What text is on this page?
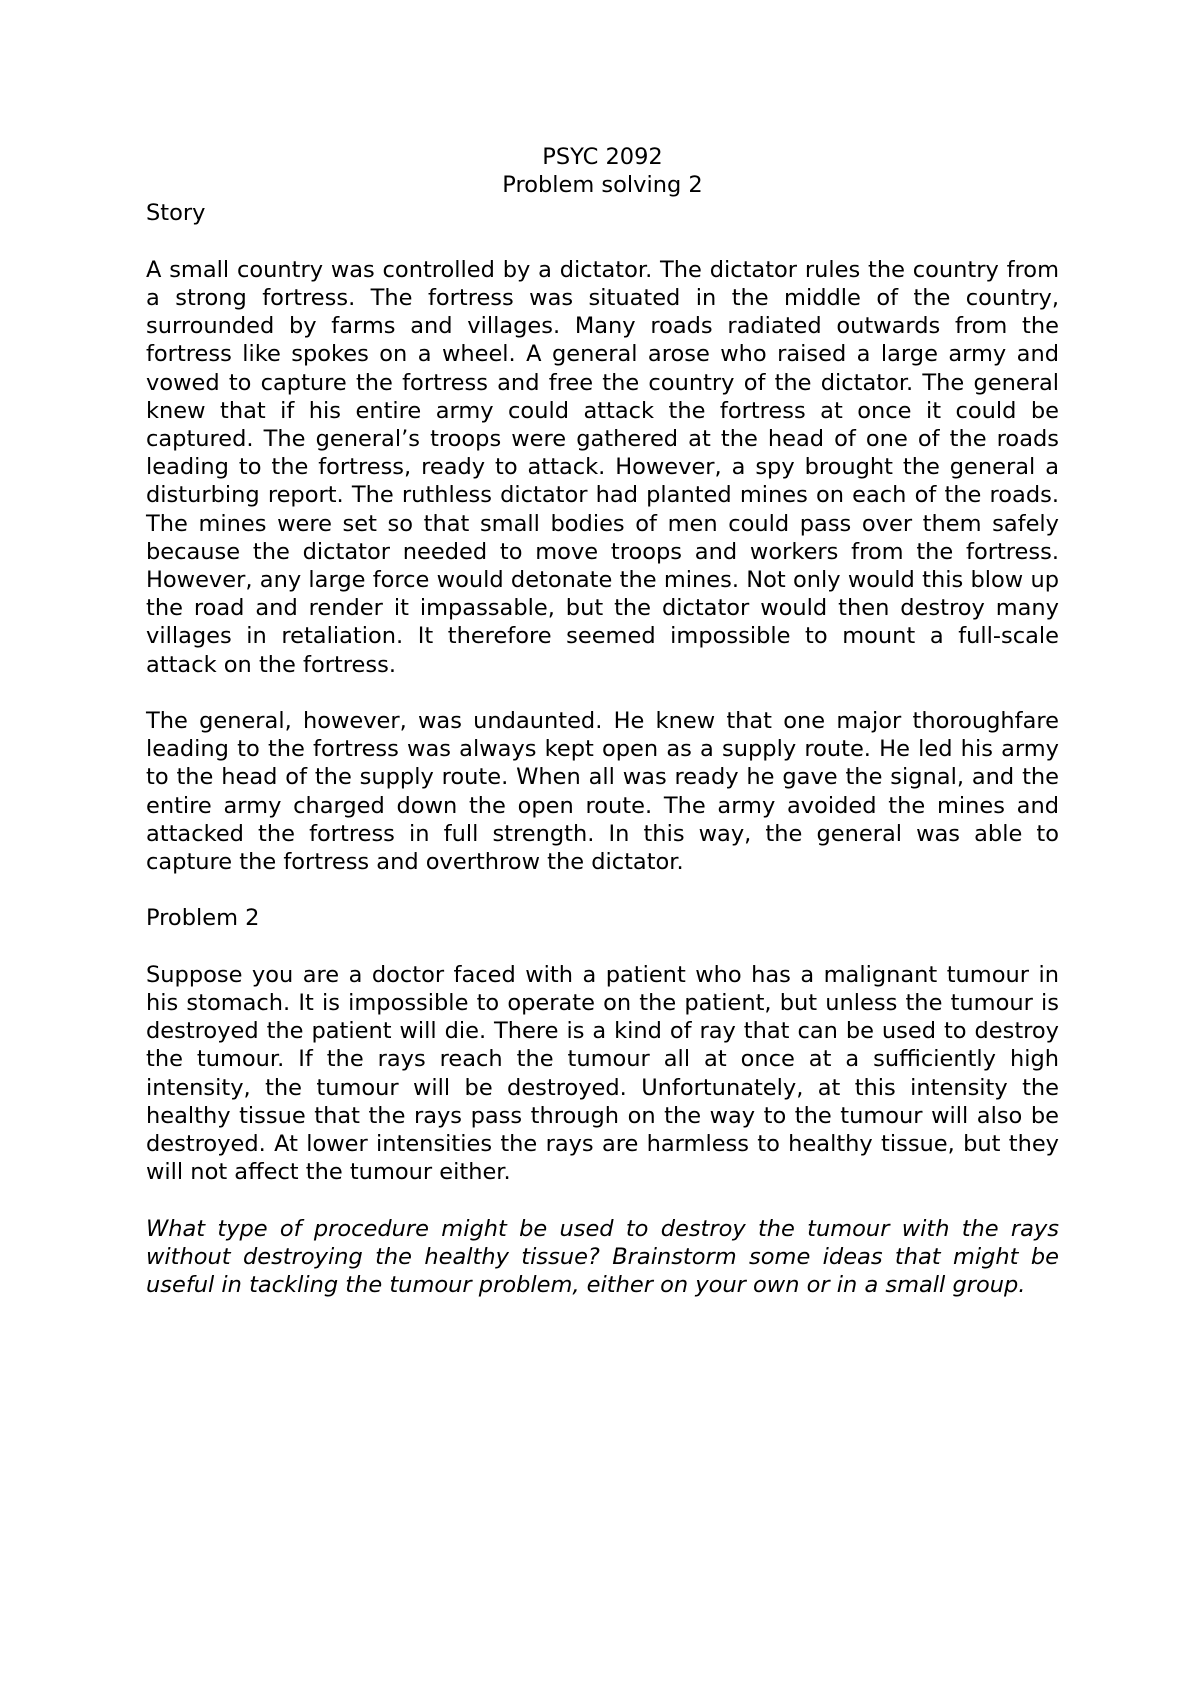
PSYC 2092

Problem solving 2

Story

A small country was controlled by a dictator. The dictator rules the country from a strong fortress. The fortress was situated in the middle of the country, surrounded by farms and villages. Many roads radiated outwards from the fortress like spokes on a wheel. A general arose who raised a large army and vowed to capture the fortress and free the country of the dictator. The general knew that if his entire army could attack the fortress at once it could be captured. The general’s troops were gathered at the head of one of the roads leading to the fortress, ready to attack. However, a spy brought the general a disturbing report. The ruthless dictator had planted mines on each of the roads. The mines were set so that small bodies of men could pass over them safely because the dictator needed to move troops and workers from the fortress. However, any large force would detonate the mines. Not only would this blow up the road and render it impassable, but the dictator would then destroy many villages in retaliation. It therefore seemed impossible to mount a full-scale attack on the fortress.

The general, however, was undaunted. He knew that one major thoroughfare leading to the fortress was always kept open as a supply route. He led his army to the head of the supply route. When all was ready he gave the signal, and the entire army charged down the open route. The army avoided the mines and attacked the fortress in full strength. In this way, the general was able to capture the fortress and overthrow the dictator.

Problem 2

Suppose you are a doctor faced with a patient who has a malignant tumour in his stomach. It is impossible to operate on the patient, but unless the tumour is destroyed the patient will die. There is a kind of ray that can be used to destroy the tumour. If the rays reach the tumour all at once at a sufficiently high intensity, the tumour will be destroyed. Unfortunately, at this intensity the healthy tissue that the rays pass through on the way to the tumour will also be destroyed. At lower intensities the rays are harmless to healthy tissue, but they will not affect the tumour either.

What type of procedure might be used to destroy the tumour with the rays without destroying the healthy tissue? Brainstorm some ideas that might be useful in tackling the tumour problem, either on your own or in a small group.
